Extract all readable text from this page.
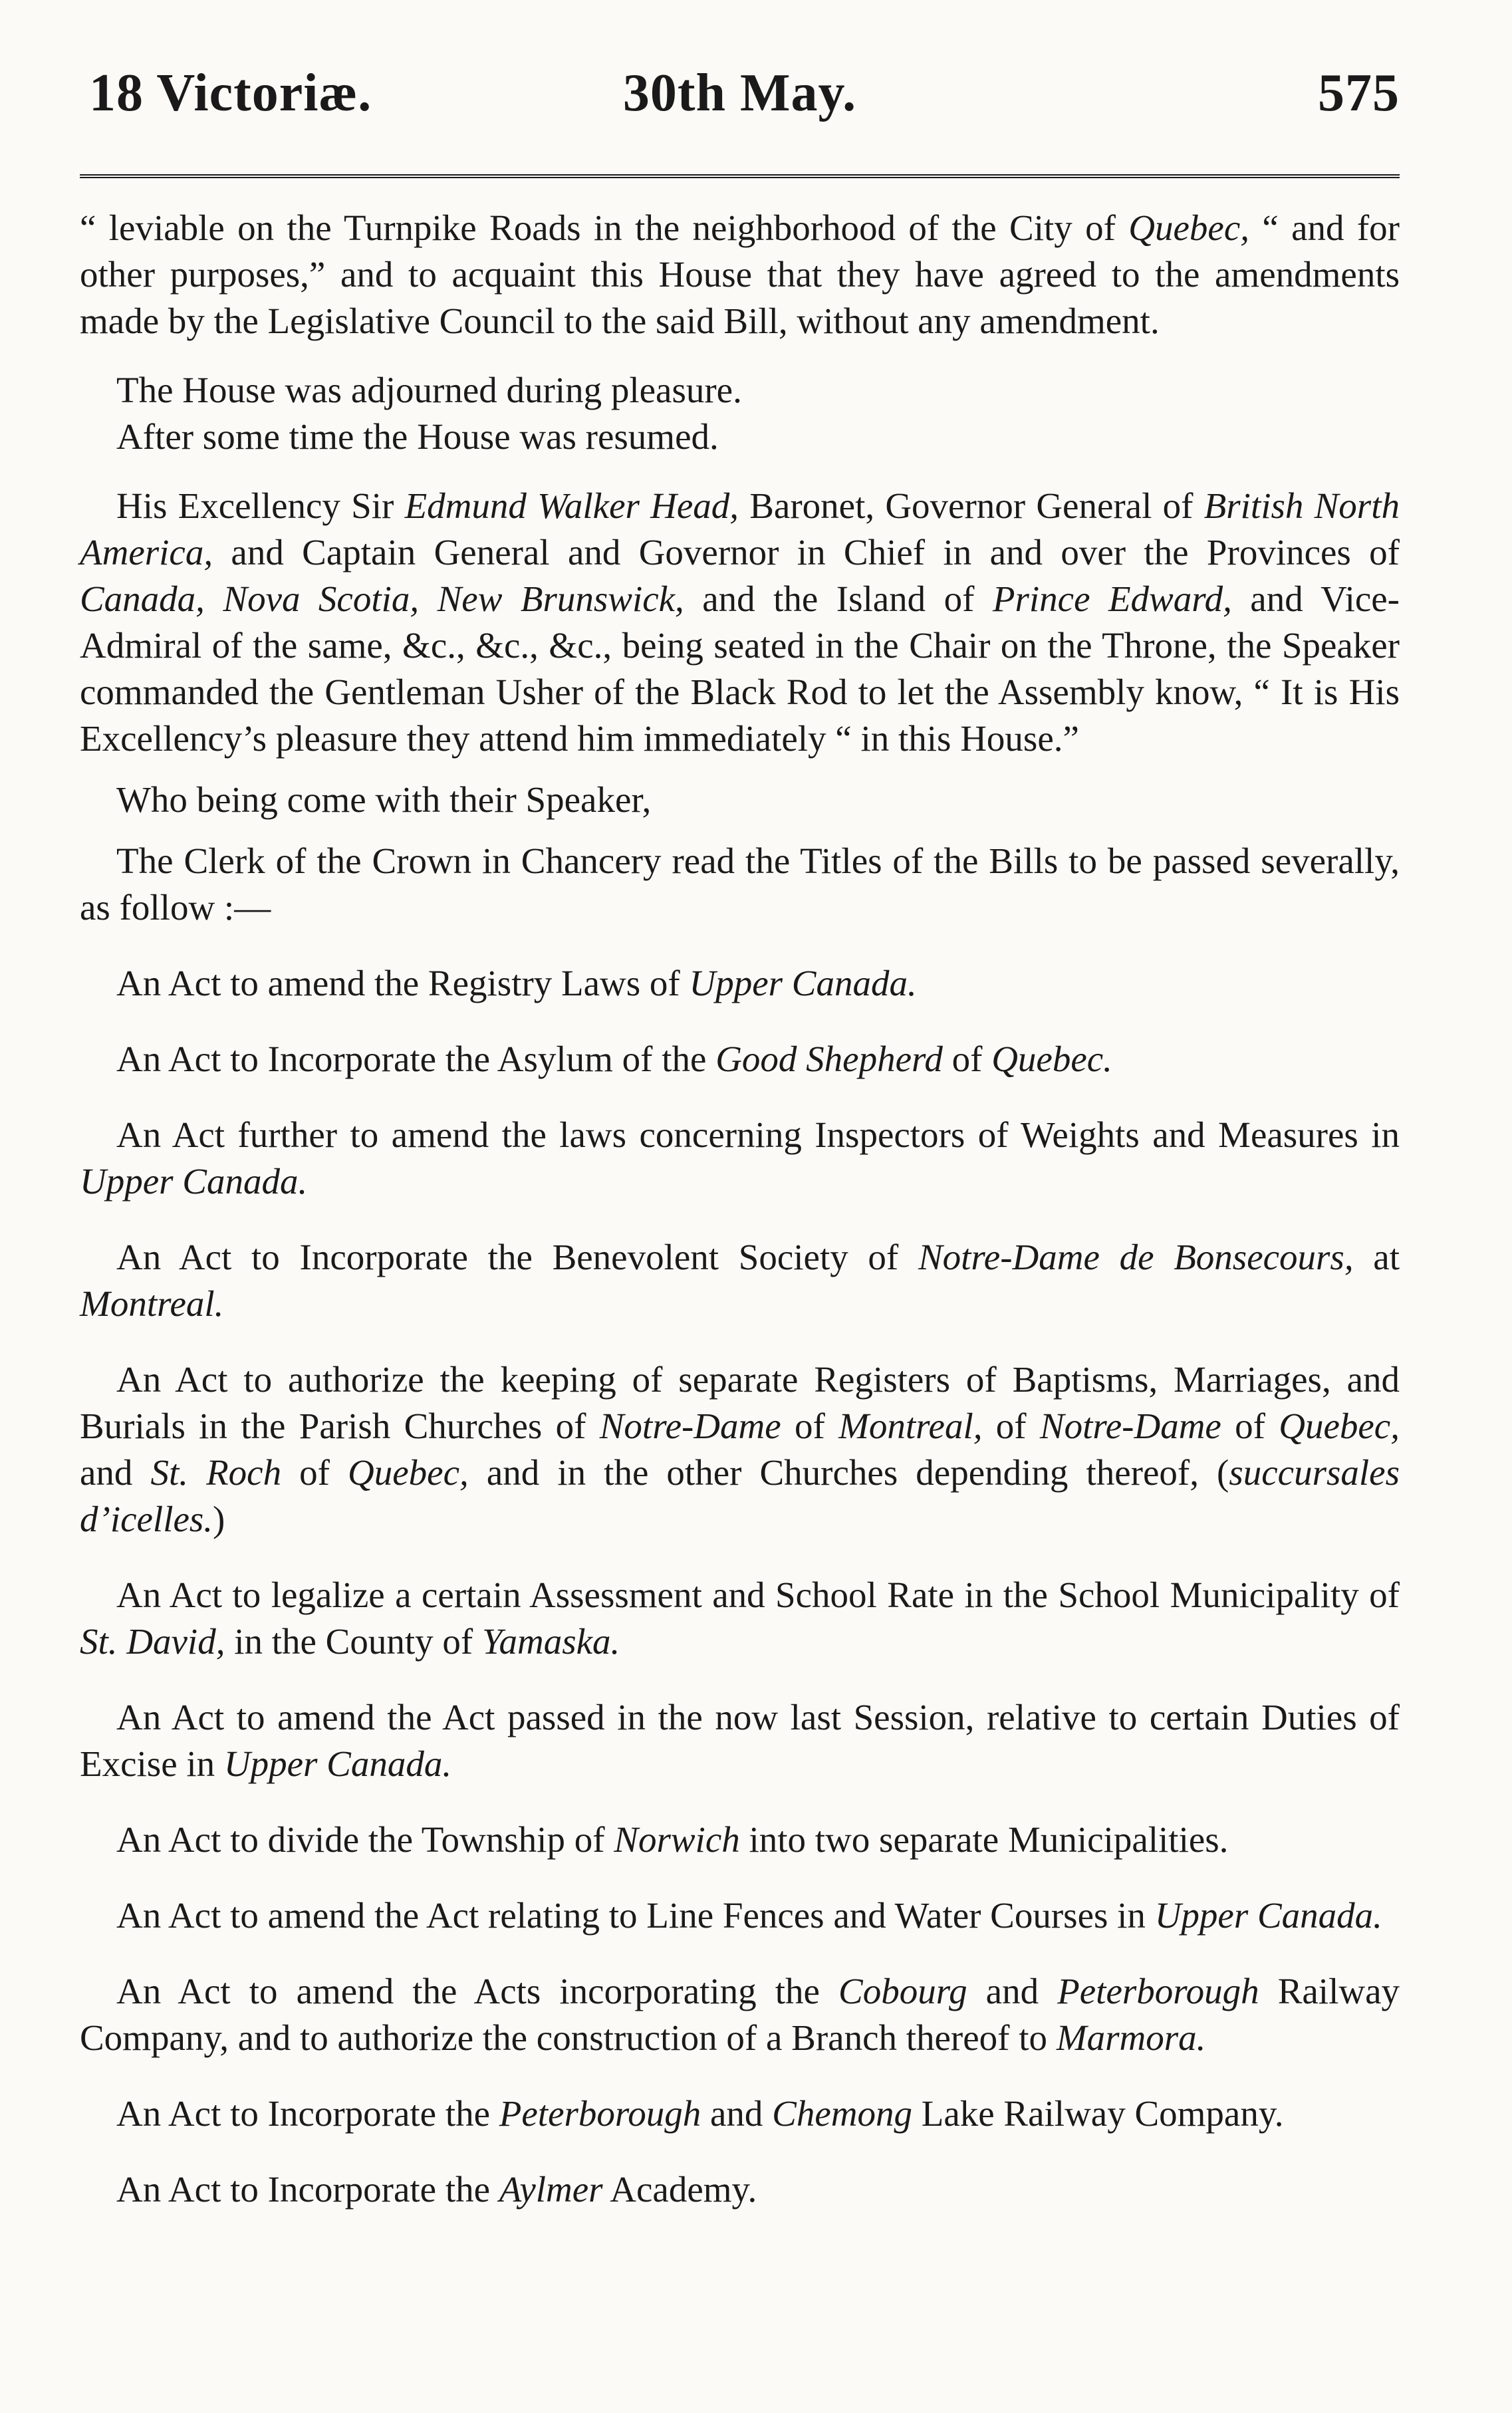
18 Victoriæ.	30th May.	575

“ leviable on the Turnpike Roads in the neighborhood of the City of Quebec, “ and for other purposes,” and to acquaint this House that they have agreed to the amendments made by the Legislative Council to the said Bill, without any amendment.

The House was adjourned during pleasure.

After some time the House was resumed.

His Excellency Sir Edmund Walker Head, Baronet, Governor General of British North America, and Captain General and Governor in Chief in and over the Provinces of Canada, Nova Scotia, New Brunswick, and the Island of Prince Edward, and Vice-Admiral of the same, &c., &c., &c., being seated in the Chair on the Throne, the Speaker commanded the Gentleman Usher of the Black Rod to let the Assembly know, “ It is His Excellency’s pleasure they attend him immediately “ in this House.”

Who being come with their Speaker,

The Clerk of the Crown in Chancery read the Titles of the Bills to be passed severally, as follow :—

An Act to amend the Registry Laws of Upper Canada.

An Act to Incorporate the Asylum of the Good Shepherd of Quebec.

An Act further to amend the laws concerning Inspectors of Weights and Measures in Upper Canada.

An Act to Incorporate the Benevolent Society of Notre-Dame de Bonsecours, at Montreal.

An Act to authorize the keeping of separate Registers of Baptisms, Marriages, and Burials in the Parish Churches of Notre-Dame of Montreal, of Notre-Dame of Quebec, and St. Roch of Quebec, and in the other Churches depending thereof, (succursales d’icelles.)

An Act to legalize a certain Assessment and School Rate in the School Municipality of St. David, in the County of Yamaska.

An Act to amend the Act passed in the now last Session, relative to certain Duties of Excise in Upper Canada.

An Act to divide the Township of Norwich into two separate Municipalities.

An Act to amend the Act relating to Line Fences and Water Courses in Upper Canada.

An Act to amend the Acts incorporating the Cobourg and Peterborough Railway Company, and to authorize the construction of a Branch thereof to Marmora.

An Act to Incorporate the Peterborough and Chemong Lake Railway Company.

An Act to Incorporate the Aylmer Academy.
